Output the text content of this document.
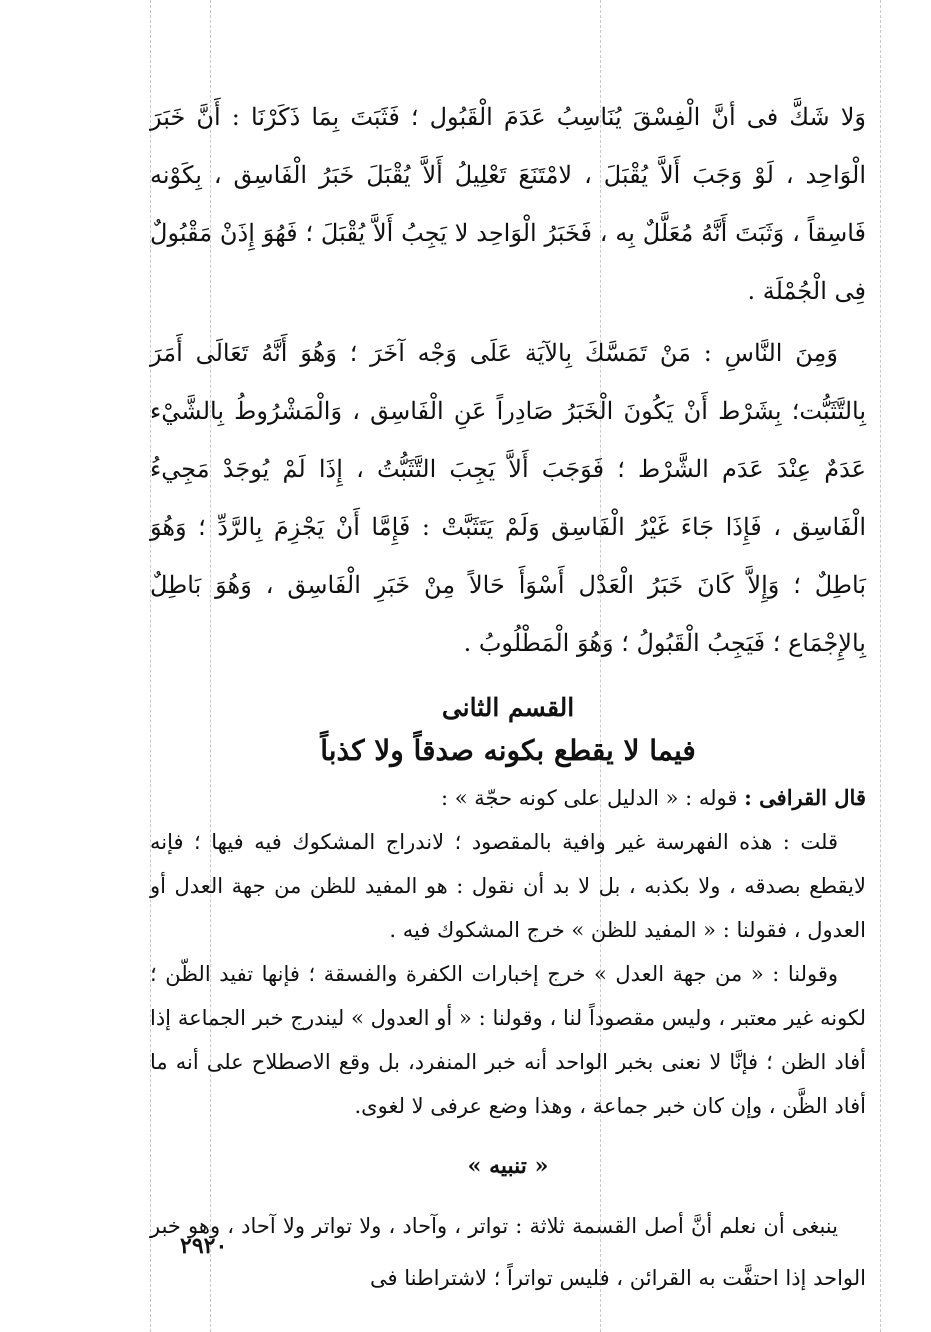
وَلا شَكَّ فى أنَّ الْفِسْقَ يُنَاسِبُ عَدَمَ الْقَبُول ؛ فَثَبَتَ بِمَا ذَكَرْنَا : أَنَّ خَبَرَ الْوَاحِد ، لَوْ وَجَبَ أَلاَّ يُقْبَلَ ، لامْتَنَعَ تَعْلِيلُ أَلاَّ يُقْبَلَ خَبَرُ الْفَاسِق ، بِكَوْنه فَاسِقاً ، وَثَبَتَ أَنَّهُ مُعَلَّلٌ بِه ، فَخَبَرُ الْوَاحِد لا يَجِبُ أَلاَّ يُقْبَلَ ؛ فَهُوَ إِذَنْ مَقْبُولٌ فِى الْجُمْلَة .

وَمِنَ النَّاسِ : مَنْ تَمَسَّكَ بِالآيَة عَلَى وَجْه آخَرَ ؛ وَهُوَ أَنَّهُ تَعَالَى أَمَرَ بِالتَّثَبُّت؛ بِشَرْط أَنْ يَكُونَ الْخَبَرُ صَادِراً عَنِ الْفَاسِق ، وَالْمَشْرُوطُ بِالشَّيْء عَدَمٌ عِنْدَ عَدَم الشَّرْط ؛ فَوَجَبَ أَلاَّ يَجِبَ التَّثَبُّتُ ، إِذَا لَمْ يُوجَدْ مَجِيءُ الْفَاسِق ، فَإِذَا جَاءَ غَيْرُ الْفَاسِق وَلَمْ يَتَثَبَّتْ : فَإِمَّا أَنْ يَجْزِمَ بِالرَّدِّ ؛ وَهُوَ بَاطِلٌ ؛ وَإِلاَّ كَانَ خَبَرُ الْعَدْل أَسْوَأَ حَالاً مِنْ خَبَرِ الْفَاسِق ، وَهُوَ بَاطِلٌ بِالإِجْمَاع ؛ فَيَجِبُ الْقَبُولُ ؛ وَهُوَ الْمَطْلُوبُ .

القسم الثانى
فيما لا يقطع بكونه صدقاً ولا كذباً

قال القرافى : قوله : « الدليل على كونه حجّة » :

قلت : هذه الفهرسة غير وافية بالمقصود ؛ لاندراج المشكوك فيه فيها ؛ فإنه لايقطع بصدقه ، ولا بكذبه ، بل لا بد أن نقول : هو المفيد للظن من جهة العدل أو العدول ، فقولنا : « المفيد للظن » خرج المشكوك فيه .

وقولنا : « من جهة العدل » خرج إخبارات الكفرة والفسقة ؛ فإنها تفيد الظّن ؛ لكونه غير معتبر ، وليس مقصوداً لنا ، وقولنا : « أو العدول » ليندرج خبر الجماعة إذا أفاد الظن ؛ فإنَّا لا نعنى بخبر الواحد أنه خبر المنفرد، بل وقع الاصطلاح على أنه ما أفاد الظَّن ، وإن كان خبر جماعة ، وهذا وضع عرفى لا لغوى.

« تنبيه »

ينبغى أن نعلم أنَّ أصل القسمة ثلاثة : تواتر ، وآحاد ، ولا تواتر ولا آحاد ، وهو خبر الواحد إذا احتفَّت به القرائن ، فليس تواتراً ؛ لاشتراطنا فى

٢٩٢٠
